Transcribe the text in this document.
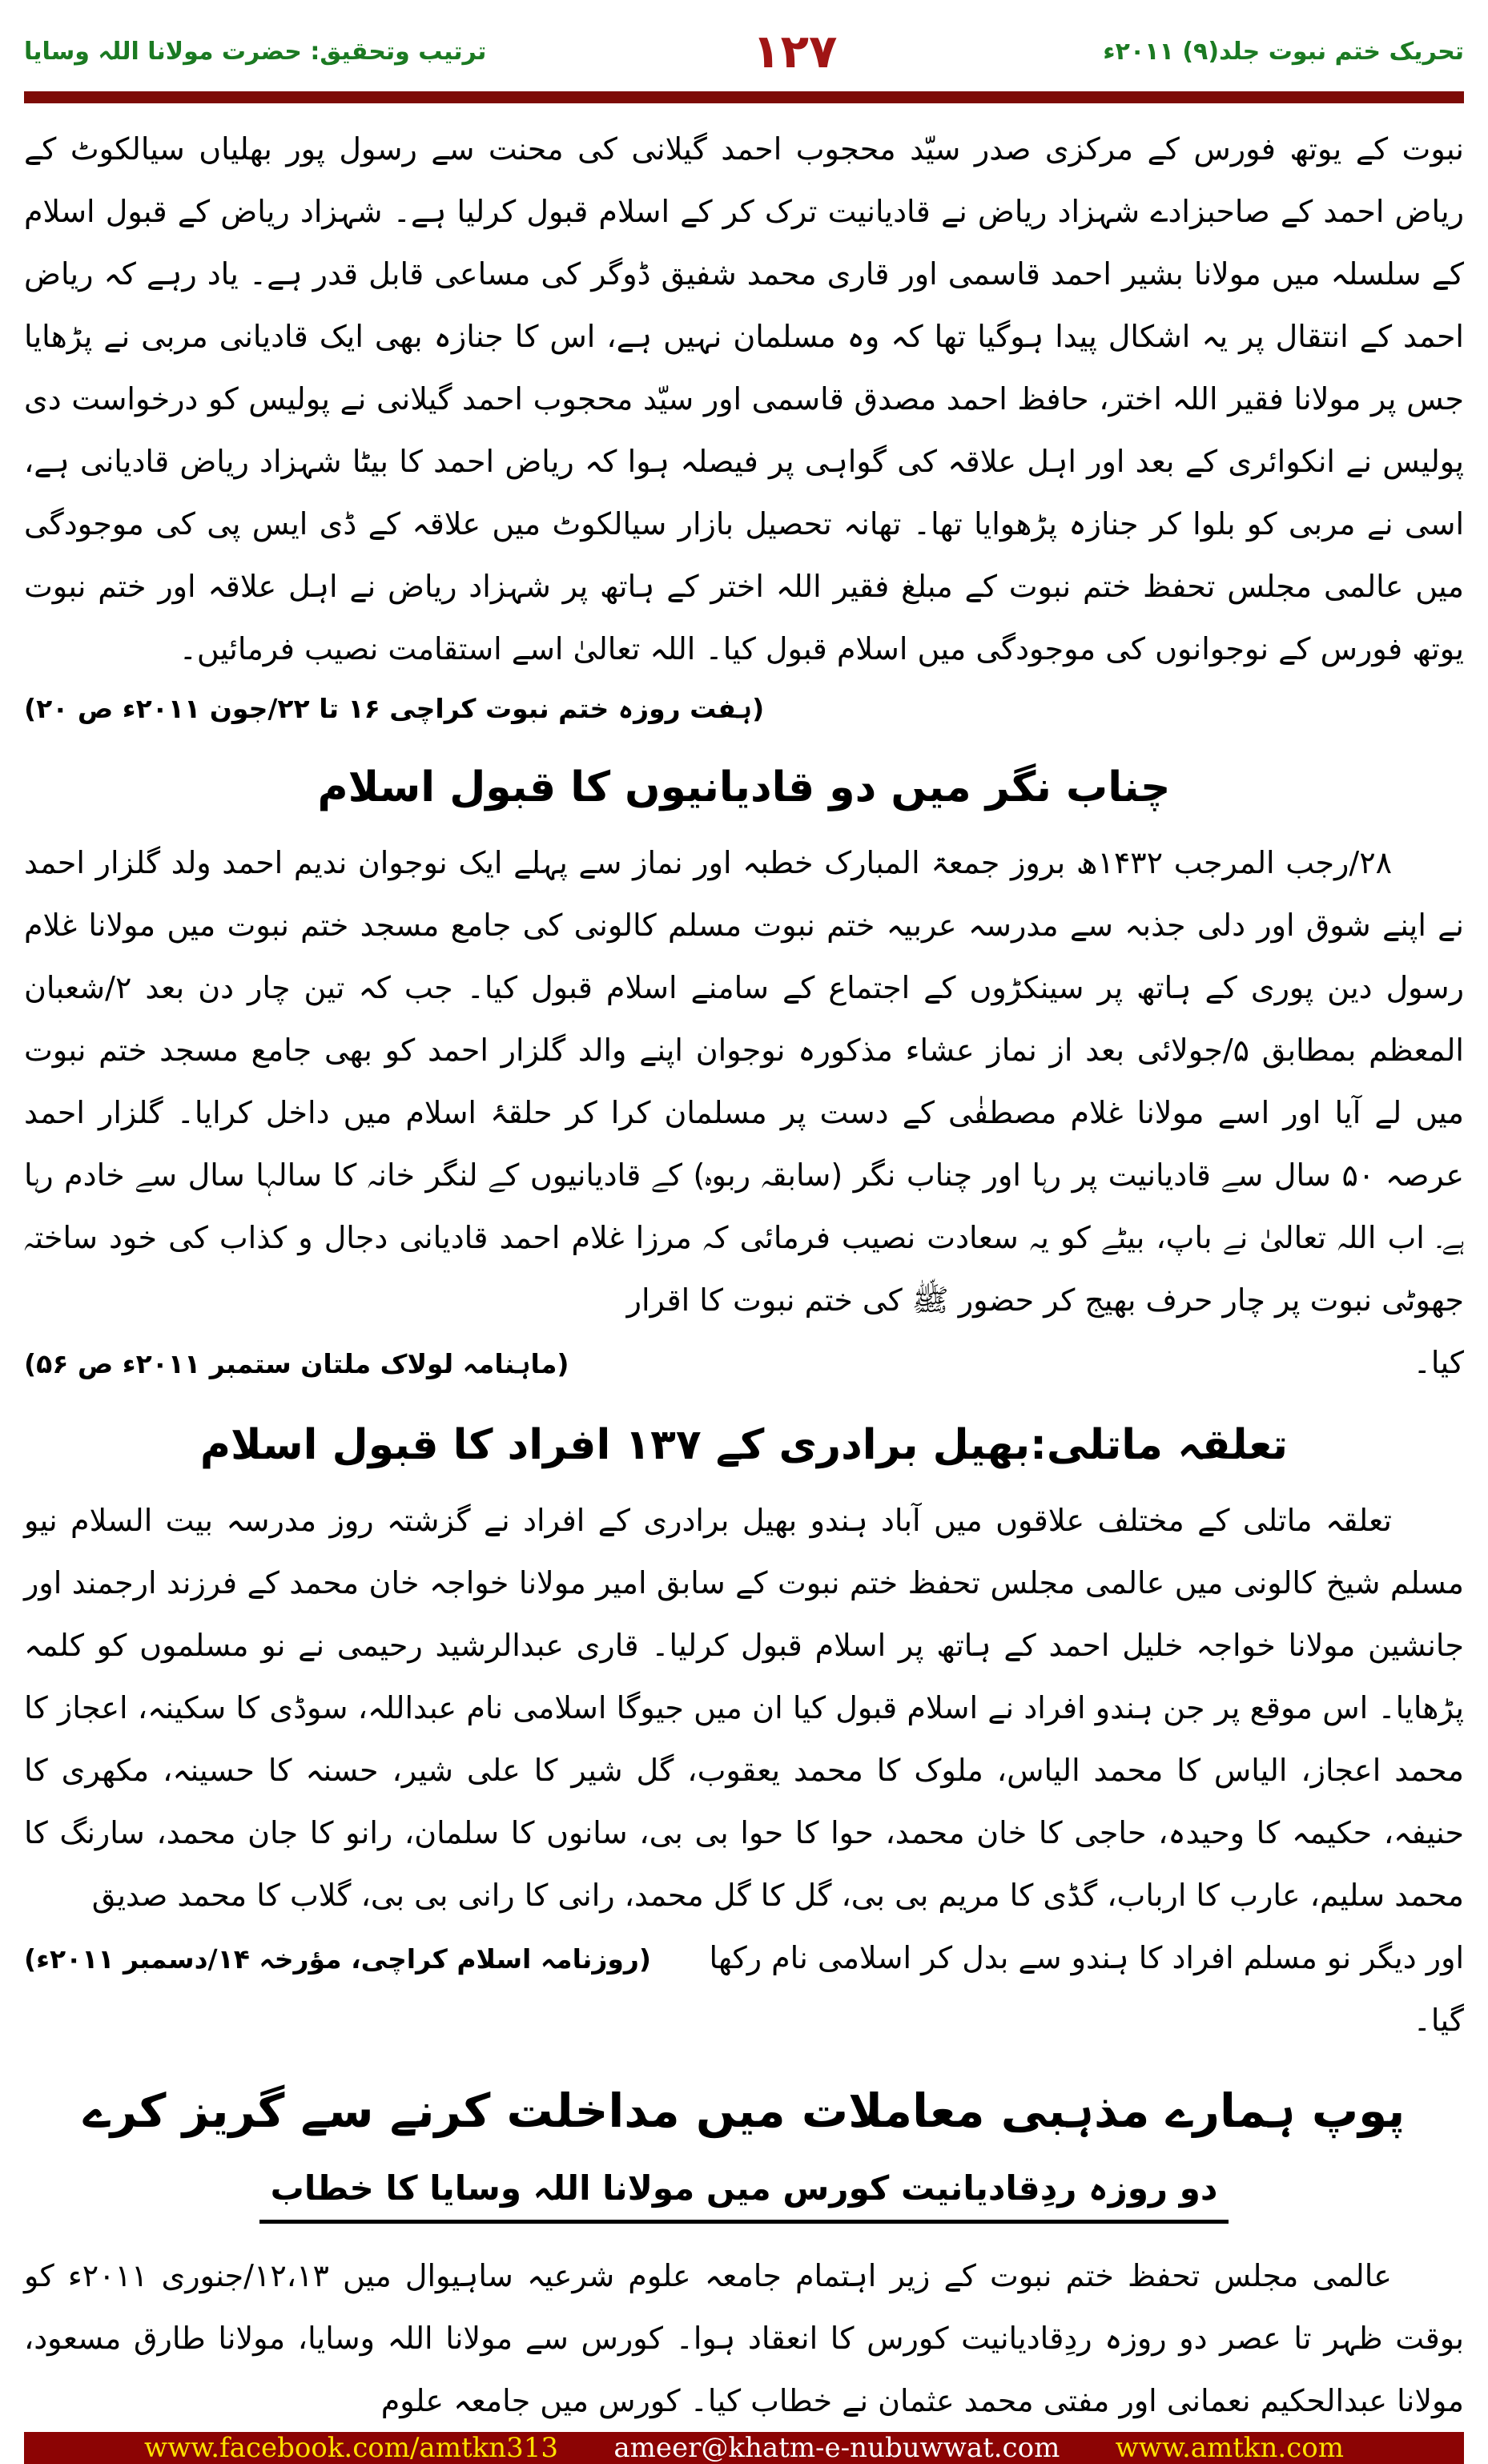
تحریک ختم نبوت جلد(۹) ۲۰۱۱ء
۱۲۷
ترتیب وتحقیق: حضرت مولانا اللہ وسایا

نبوت کے یوتھ فورس کے مرکزی صدر سیّد محجوب احمد گیلانی کی محنت سے رسول پور بھلیاں سیالکوٹ کے ریاض احمد کے صاحبزادے شہزاد ریاض نے قادیانیت ترک کر کے اسلام قبول کرلیا ہے۔ شہزاد ریاض کے قبول اسلام کے سلسلہ میں مولانا بشیر احمد قاسمی اور قاری محمد شفیق ڈوگر کی مساعی قابل قدر ہے۔ یاد رہے کہ ریاض احمد کے انتقال پر یہ اشکال پیدا ہوگیا تھا کہ وہ مسلمان نہیں ہے، اس کا جنازہ بھی ایک قادیانی مربی نے پڑھایا جس پر مولانا فقیر اللہ اختر، حافظ احمد مصدق قاسمی اور سیّد محجوب احمد گیلانی نے پولیس کو درخواست دی پولیس نے انکوائری کے بعد اور اہل علاقہ کی گواہی پر فیصلہ ہوا کہ ریاض احمد کا بیٹا شہزاد ریاض قادیانی ہے، اسی نے مربی کو بلوا کر جنازہ پڑھوایا تھا۔ تھانہ تحصیل بازار سیالکوٹ میں علاقہ کے ڈی ایس پی کی موجودگی میں عالمی مجلس تحفظ ختم نبوت کے مبلغ فقیر اللہ اختر کے ہاتھ پر شہزاد ریاض نے اہل علاقہ اور ختم نبوت یوتھ فورس کے نوجوانوں کی موجودگی میں اسلام قبول کیا۔ اللہ تعالیٰ اسے استقامت نصیب فرمائیں۔

(ہفت روزہ ختم نبوت کراچی ۱۶ تا ۲۲/جون ۲۰۱۱ء ص ۲۰)
چناب نگر میں دو قادیانیوں کا قبول اسلام

۲۸/رجب المرجب ۱۴۳۲ھ بروز جمعۃ المبارک خطبہ اور نماز سے پہلے ایک نوجوان ندیم احمد ولد گلزار احمد نے اپنے شوق اور دلی جذبہ سے مدرسہ عربیہ ختم نبوت مسلم کالونی کی جامع مسجد ختم نبوت میں مولانا غلام رسول دین پوری کے ہاتھ پر سینکڑوں کے اجتماع کے سامنے اسلام قبول کیا۔ جب کہ تین چار دن بعد ۲/شعبان المعظم بمطابق ۵/جولائی بعد از نماز عشاء مذکورہ نوجوان اپنے والد گلزار احمد کو بھی جامع مسجد ختم نبوت میں لے آیا اور اسے مولانا غلام مصطفٰی کے دست پر مسلمان کرا کر حلقۂ اسلام میں داخل کرایا۔ گلزار احمد عرصہ ۵۰ سال سے قادیانیت پر رہا اور چناب نگر (سابقہ ربوہ) کے قادیانیوں کے لنگر خانہ کا سالہا سال سے خادم رہا ہے۔ اب اللہ تعالیٰ نے باپ، بیٹے کو یہ سعادت نصیب فرمائی کہ مرزا غلام احمد قادیانی دجال و کذاب کی خود ساختہ جھوٹی نبوت پر چار حرف بھیج کر حضور ﷺ کی ختم نبوت کا اقرار

کیا۔
(ماہنامہ لولاک ملتان ستمبر ۲۰۱۱ء ص ۵۶)
تعلقہ ماتلی:بھیل برادری کے ۱۳۷ افراد کا قبول اسلام

تعلقہ ماتلی کے مختلف علاقوں میں آباد ہندو بھیل برادری کے افراد نے گزشتہ روز مدرسہ بیت السلام نیو مسلم شیخ کالونی میں عالمی مجلس تحفظ ختم نبوت کے سابق امیر مولانا خواجہ خان محمد کے فرزند ارجمند اور جانشین مولانا خواجہ خلیل احمد کے ہاتھ پر اسلام قبول کرلیا۔ قاری عبدالرشید رحیمی نے نو مسلموں کو کلمہ پڑھایا۔ اس موقع پر جن ہندو افراد نے اسلام قبول کیا ان میں جیوگا اسلامی نام عبداللہ، سوڈی کا سکینہ، اعجاز کا محمد اعجاز، الیاس کا محمد الیاس، ملوک کا محمد یعقوب، گل شیر کا علی شیر، حسنہ کا حسینہ، مکھری کا حنیفہ، حکیمہ کا وحیدہ، حاجی کا خان محمد، حوا کا حوا بی بی، سانوں کا سلمان، رانو کا جان محمد، سارنگ کا محمد سلیم، عارب کا ارباب، گڈی کا مریم بی بی، گل کا گل محمد، رانی کا رانی بی بی، گلاب کا محمد صدیق

اور دیگر نو مسلم افراد کا ہندو سے بدل کر اسلامی نام رکھا گیا۔
(روزنامہ اسلام کراچی، مؤرخہ ۱۴/دسمبر ۲۰۱۱ء)
پوپ ہمارے مذہبی معاملات میں مداخلت کرنے سے گریز کرے
دو روزہ ردِقادیانیت کورس میں مولانا اللہ وسایا کا خطاب

عالمی مجلس تحفظ ختم نبوت کے زیر اہتمام جامعہ علوم شرعیہ ساہیوال میں ۱۲،۱۳/جنوری ۲۰۱۱ء کو بوقت ظہر تا عصر دو روزہ ردِقادیانیت کورس کا انعقاد ہوا۔ کورس سے مولانا اللہ وسایا، مولانا طارق مسعود، مولانا عبدالحکیم نعمانی اور مفتی محمد عثمان نے خطاب کیا۔ کورس میں جامعہ علوم

www.amtkn.com
ameer@khatm-e-nubuwwat.com
www.facebook.com/amtkn313
